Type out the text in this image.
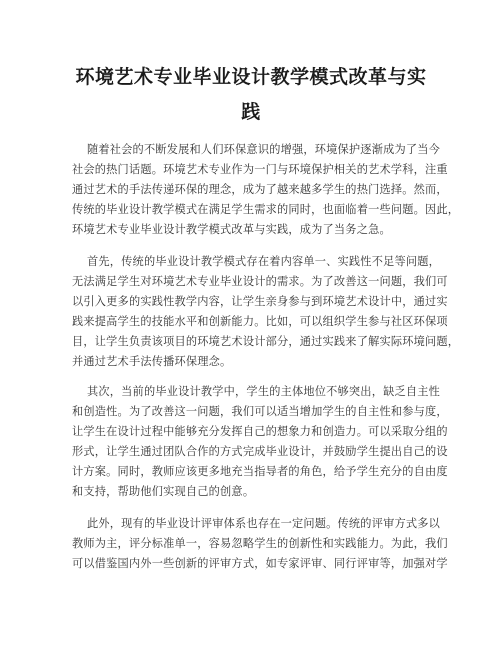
环境艺术专业毕业设计教学模式改革与实
践
随着社会的不断发展和人们环保意识的增强，环境保护逐渐成为了当今
社会的热门话题。环境艺术专业作为一门与环境保护相关的艺术学科，注重
通过艺术的手法传递环保的理念，成为了越来越多学生的热门选择。然而，
传统的毕业设计教学模式在满足学生需求的同时，也面临着一些问题。因此，
环境艺术专业毕业设计教学模式改革与实践，成为了当务之急。
首先，传统的毕业设计教学模式存在着内容单一、实践性不足等问题，
无法满足学生对环境艺术专业毕业设计的需求。为了改善这一问题，我们可
以引入更多的实践性教学内容，让学生亲身参与到环境艺术设计中，通过实
践来提高学生的技能水平和创新能力。比如，可以组织学生参与社区环保项
目，让学生负责该项目的环境艺术设计部分，通过实践来了解实际环境问题，
并通过艺术手法传播环保理念。
其次，当前的毕业设计教学中，学生的主体地位不够突出，缺乏自主性
和创造性。为了改善这一问题，我们可以适当增加学生的自主性和参与度，
让学生在设计过程中能够充分发挥自己的想象力和创造力。可以采取分组的
形式，让学生通过团队合作的方式完成毕业设计，并鼓励学生提出自己的设
计方案。同时，教师应该更多地充当指导者的角色，给予学生充分的自由度
和支持，帮助他们实现自己的创意。
此外，现有的毕业设计评审体系也存在一定问题。传统的评审方式多以
教师为主，评分标准单一，容易忽略学生的创新性和实践能力。为此，我们
可以借鉴国内外一些创新的评审方式，如专家评审、同行评审等，加强对学
